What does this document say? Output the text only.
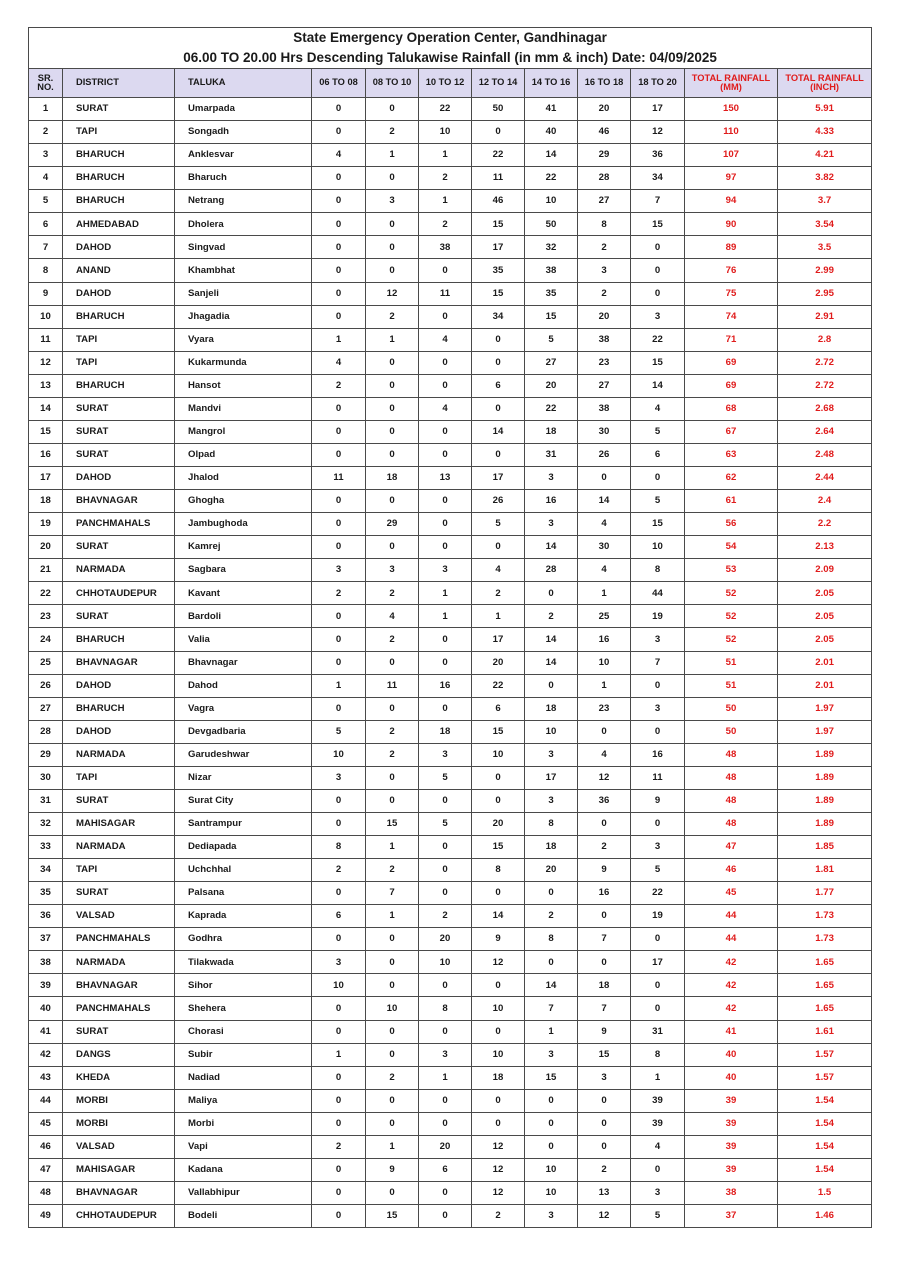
State Emergency Operation Center, Gandhinagar											
06.00 TO 20.00 Hrs Descending Talukawise Rainfall (in mm & inch) Date: 04/09/2025											
SR. NO.	DISTRICT	TALUKA	06 TO 08	08 TO 10	10 TO 12	12 TO 14	14 TO 16	16 TO 18	18 TO 20	TOTAL RAINFALL (MM)	TOTAL RAINFALL (INCH)
1	SURAT	Umarpada	0	0	22	50	41	20	17	150	5.91
2	TAPI	Songadh	0	2	10	0	40	46	12	110	4.33
3	BHARUCH	Anklesvar	4	1	1	22	14	29	36	107	4.21
4	BHARUCH	Bharuch	0	0	2	11	22	28	34	97	3.82
5	BHARUCH	Netrang	0	3	1	46	10	27	7	94	3.7
6	AHMEDABAD	Dholera	0	0	2	15	50	8	15	90	3.54
7	DAHOD	Singvad	0	0	38	17	32	2	0	89	3.5
8	ANAND	Khambhat	0	0	0	35	38	3	0	76	2.99
9	DAHOD	Sanjeli	0	12	11	15	35	2	0	75	2.95
10	BHARUCH	Jhagadia	0	2	0	34	15	20	3	74	2.91
11	TAPI	Vyara	1	1	4	0	5	38	22	71	2.8
12	TAPI	Kukarmunda	4	0	0	0	27	23	15	69	2.72
13	BHARUCH	Hansot	2	0	0	6	20	27	14	69	2.72
14	SURAT	Mandvi	0	0	4	0	22	38	4	68	2.68
15	SURAT	Mangrol	0	0	0	14	18	30	5	67	2.64
16	SURAT	Olpad	0	0	0	0	31	26	6	63	2.48
17	DAHOD	Jhalod	11	18	13	17	3	0	0	62	2.44
18	BHAVNAGAR	Ghogha	0	0	0	26	16	14	5	61	2.4
19	PANCHMAHALS	Jambughoda	0	29	0	5	3	4	15	56	2.2
20	SURAT	Kamrej	0	0	0	0	14	30	10	54	2.13
21	NARMADA	Sagbara	3	3	3	4	28	4	8	53	2.09
22	CHHOTAUDEPUR	Kavant	2	2	1	2	0	1	44	52	2.05
23	SURAT	Bardoli	0	4	1	1	2	25	19	52	2.05
24	BHARUCH	Valia	0	2	0	17	14	16	3	52	2.05
25	BHAVNAGAR	Bhavnagar	0	0	0	20	14	10	7	51	2.01
26	DAHOD	Dahod	1	11	16	22	0	1	0	51	2.01
27	BHARUCH	Vagra	0	0	0	6	18	23	3	50	1.97
28	DAHOD	Devgadbaria	5	2	18	15	10	0	0	50	1.97
29	NARMADA	Garudeshwar	10	2	3	10	3	4	16	48	1.89
30	TAPI	Nizar	3	0	5	0	17	12	11	48	1.89
31	SURAT	Surat City	0	0	0	0	3	36	9	48	1.89
32	MAHISAGAR	Santrampur	0	15	5	20	8	0	0	48	1.89
33	NARMADA	Dediapada	8	1	0	15	18	2	3	47	1.85
34	TAPI	Uchchhal	2	2	0	8	20	9	5	46	1.81
35	SURAT	Palsana	0	7	0	0	0	16	22	45	1.77
36	VALSAD	Kaprada	6	1	2	14	2	0	19	44	1.73
37	PANCHMAHALS	Godhra	0	0	20	9	8	7	0	44	1.73
38	NARMADA	Tilakwada	3	0	10	12	0	0	17	42	1.65
39	BHAVNAGAR	Sihor	10	0	0	0	14	18	0	42	1.65
40	PANCHMAHALS	Shehera	0	10	8	10	7	7	0	42	1.65
41	SURAT	Chorasi	0	0	0	0	1	9	31	41	1.61
42	DANGS	Subir	1	0	3	10	3	15	8	40	1.57
43	KHEDA	Nadiad	0	2	1	18	15	3	1	40	1.57
44	MORBI	Maliya	0	0	0	0	0	0	39	39	1.54
45	MORBI	Morbi	0	0	0	0	0	0	39	39	1.54
46	VALSAD	Vapi	2	1	20	12	0	0	4	39	1.54
47	MAHISAGAR	Kadana	0	9	6	12	10	2	0	39	1.54
48	BHAVNAGAR	Vallabhipur	0	0	0	12	10	13	3	38	1.5
49	CHHOTAUDEPUR	Bodeli	0	15	0	2	3	12	5	37	1.46
